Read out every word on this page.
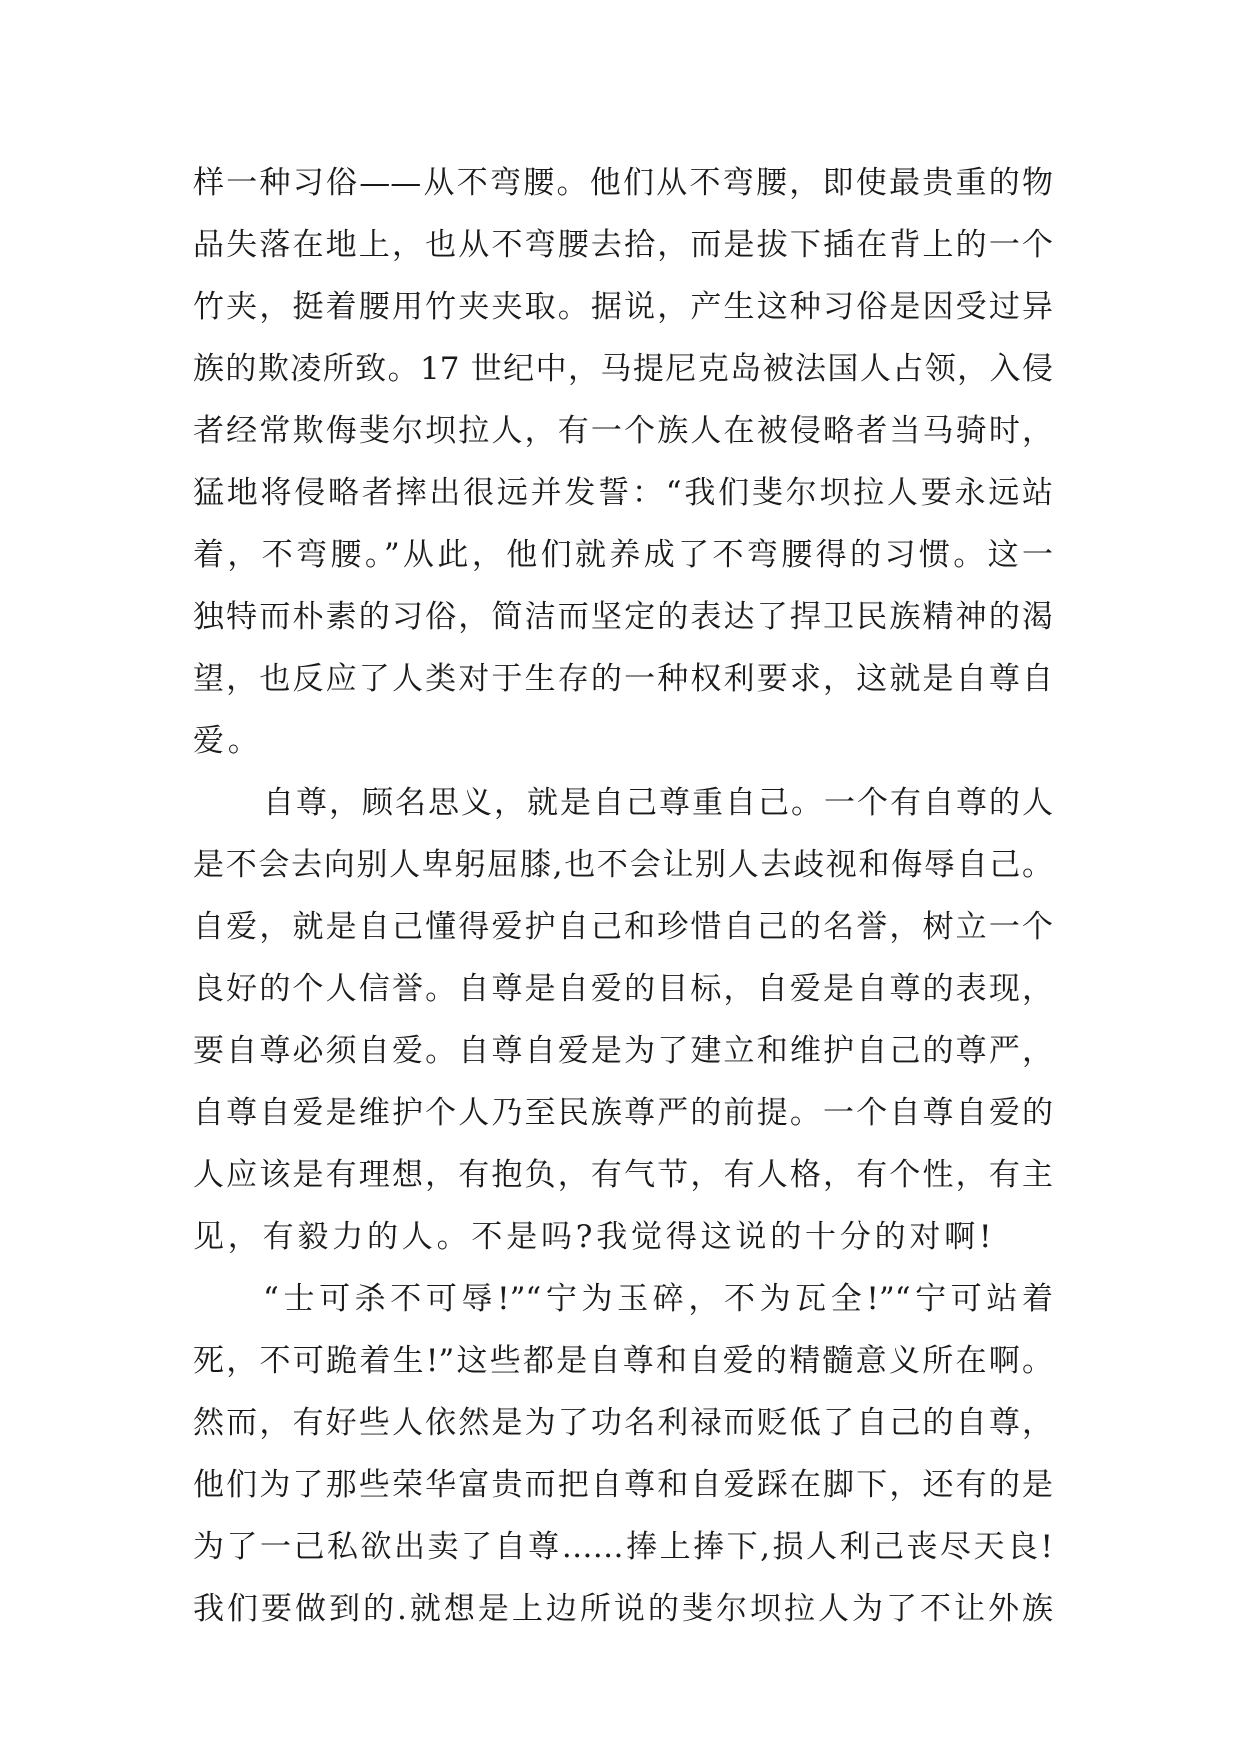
样一种习俗——从不弯腰。他们从不弯腰，即使最贵重的物
品失落在地上，也从不弯腰去拾，而是拔下插在背上的一个
竹夹，挺着腰用竹夹夹取。据说，产生这种习俗是因受过异
族的欺凌所致。17 世纪中，马提尼克岛被法国人占领，入侵
者经常欺侮斐尔坝拉人，有一个族人在被侵略者当马骑时，
猛地将侵略者摔出很远并发誓：“我们斐尔坝拉人要永远站
着，不弯腰。”从此，他们就养成了不弯腰得的习惯。这一
独特而朴素的习俗，简洁而坚定的表达了捍卫民族精神的渴
望，也反应了人类对于生存的一种权利要求，这就是自尊自
爱。
自尊，顾名思义，就是自己尊重自己。一个有自尊的人
是不会去向别人卑躬屈膝,也不会让别人去歧视和侮辱自己。
自爱，就是自己懂得爱护自己和珍惜自己的名誉，树立一个
良好的个人信誉。自尊是自爱的目标，自爱是自尊的表现，
要自尊必须自爱。自尊自爱是为了建立和维护自己的尊严，
自尊自爱是维护个人乃至民族尊严的前提。一个自尊自爱的
人应该是有理想，有抱负，有气节，有人格，有个性，有主
见，有毅力的人。不是吗?我觉得这说的十分的对啊!
“士可杀不可辱!”“宁为玉碎，不为瓦全!”“宁可站着
死，不可跪着生!”这些都是自尊和自爱的精髓意义所在啊。
然而，有好些人依然是为了功名利禄而贬低了自己的自尊，
他们为了那些荣华富贵而把自尊和自爱踩在脚下，还有的是
为了一己私欲出卖了自尊……捧上捧下,损人利己丧尽天良!
我们要做到的.就想是上边所说的斐尔坝拉人为了不让外族
